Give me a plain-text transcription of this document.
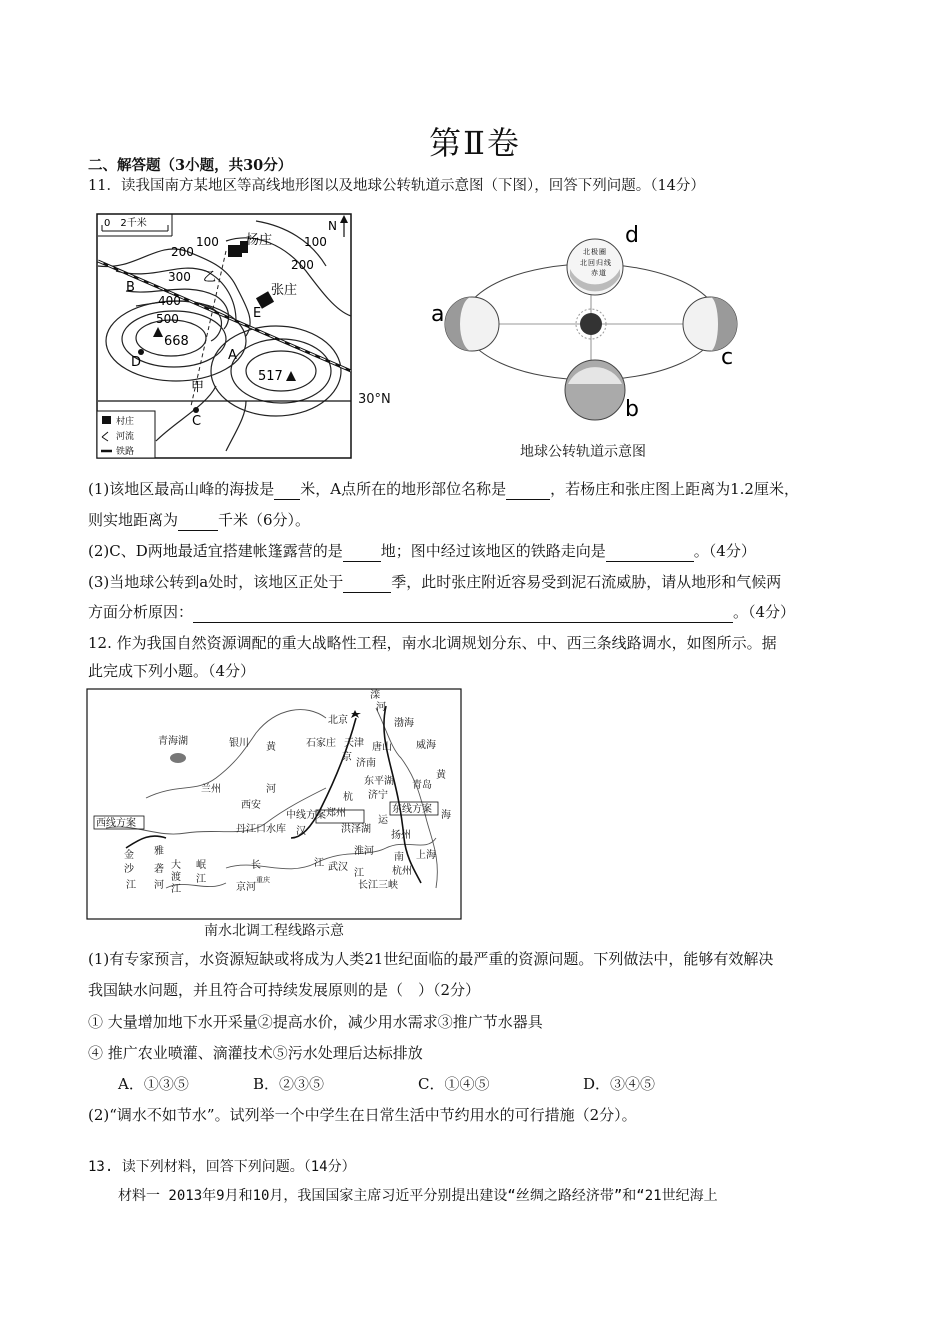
第Ⅱ卷
二、解答题（3小题，共30分）
11．读我国南方某地区等高线地形图以及地球公转轨道示意图（下图），回答下列问题。（14分）
0　2千米	N
100
200
300
400
500
100
200
杨庄
张庄
乙
B
E
A
D
甲
C
668
517
村庄
河流
铁路
30°N
北 极 圈
北 回 归 线
赤 道
d
a
c
b
地球公转轨道示意图
(1)该地区最高山峰的海拔是 米，A点所在的地形部位名称是	，若杨庄和张庄图上距离为1.2厘米，
则实地距离为	千米（6分）。
(2)C、D两地最适宜搭建帐篷露营的是	地；图中经过该地区的铁路走向是	。（4分）
(3)当地球公转到a处时，该地区正处于	季，此时张庄附近容易受到泥石流威胁，请从地形和气候两
方面分析原因：	。（4分）
12. 作为我国自然资源调配的重大战略性工程，南水北调规划分东、中、西三条线路调水，如图所示。据
此完成下列小题。（4分）
滦
河
北京	渤海
青海湖	银川	石家庄 天津 唐山 威海
黄
京
济南
黄
东平湖 青岛
兰州	河
西安
杭 济宁
东线方案
海
中线方案 郑州
西线方案
丹江口水库 汉	洪泽湖
运
扬州
金 雅
大	长	江
淮河	上海
沙 砻
渡
岷	武汉
南
江
江 河 江
江
长江三峡
重庆
京河
杭州
南水北调工程线路示意
(1)有专家预言，水资源短缺或将成为人类21世纪面临的最严重的资源问题。下列做法中，能够有效解决
我国缺水问题，并且符合可持续发展原则的是（　）（2分）
① 大量增加地下水开采量②提高水价，减少用水需求③推广节水器具
④ 推广农业喷灌、滴灌技术⑤污水处理后达标排放
A．①③⑤	B．②③⑤	C．①④⑤	D．③④⑤
(2)“调水不如节水”。试列举一个中学生在日常生活中节约用水的可行措施（2分）。
13. 读下列材料，回答下列问题。（14分）
材料一 2013年9月和10月，我国国家主席习近平分别提出建设“丝绸之路经济带”和“21世纪海上
